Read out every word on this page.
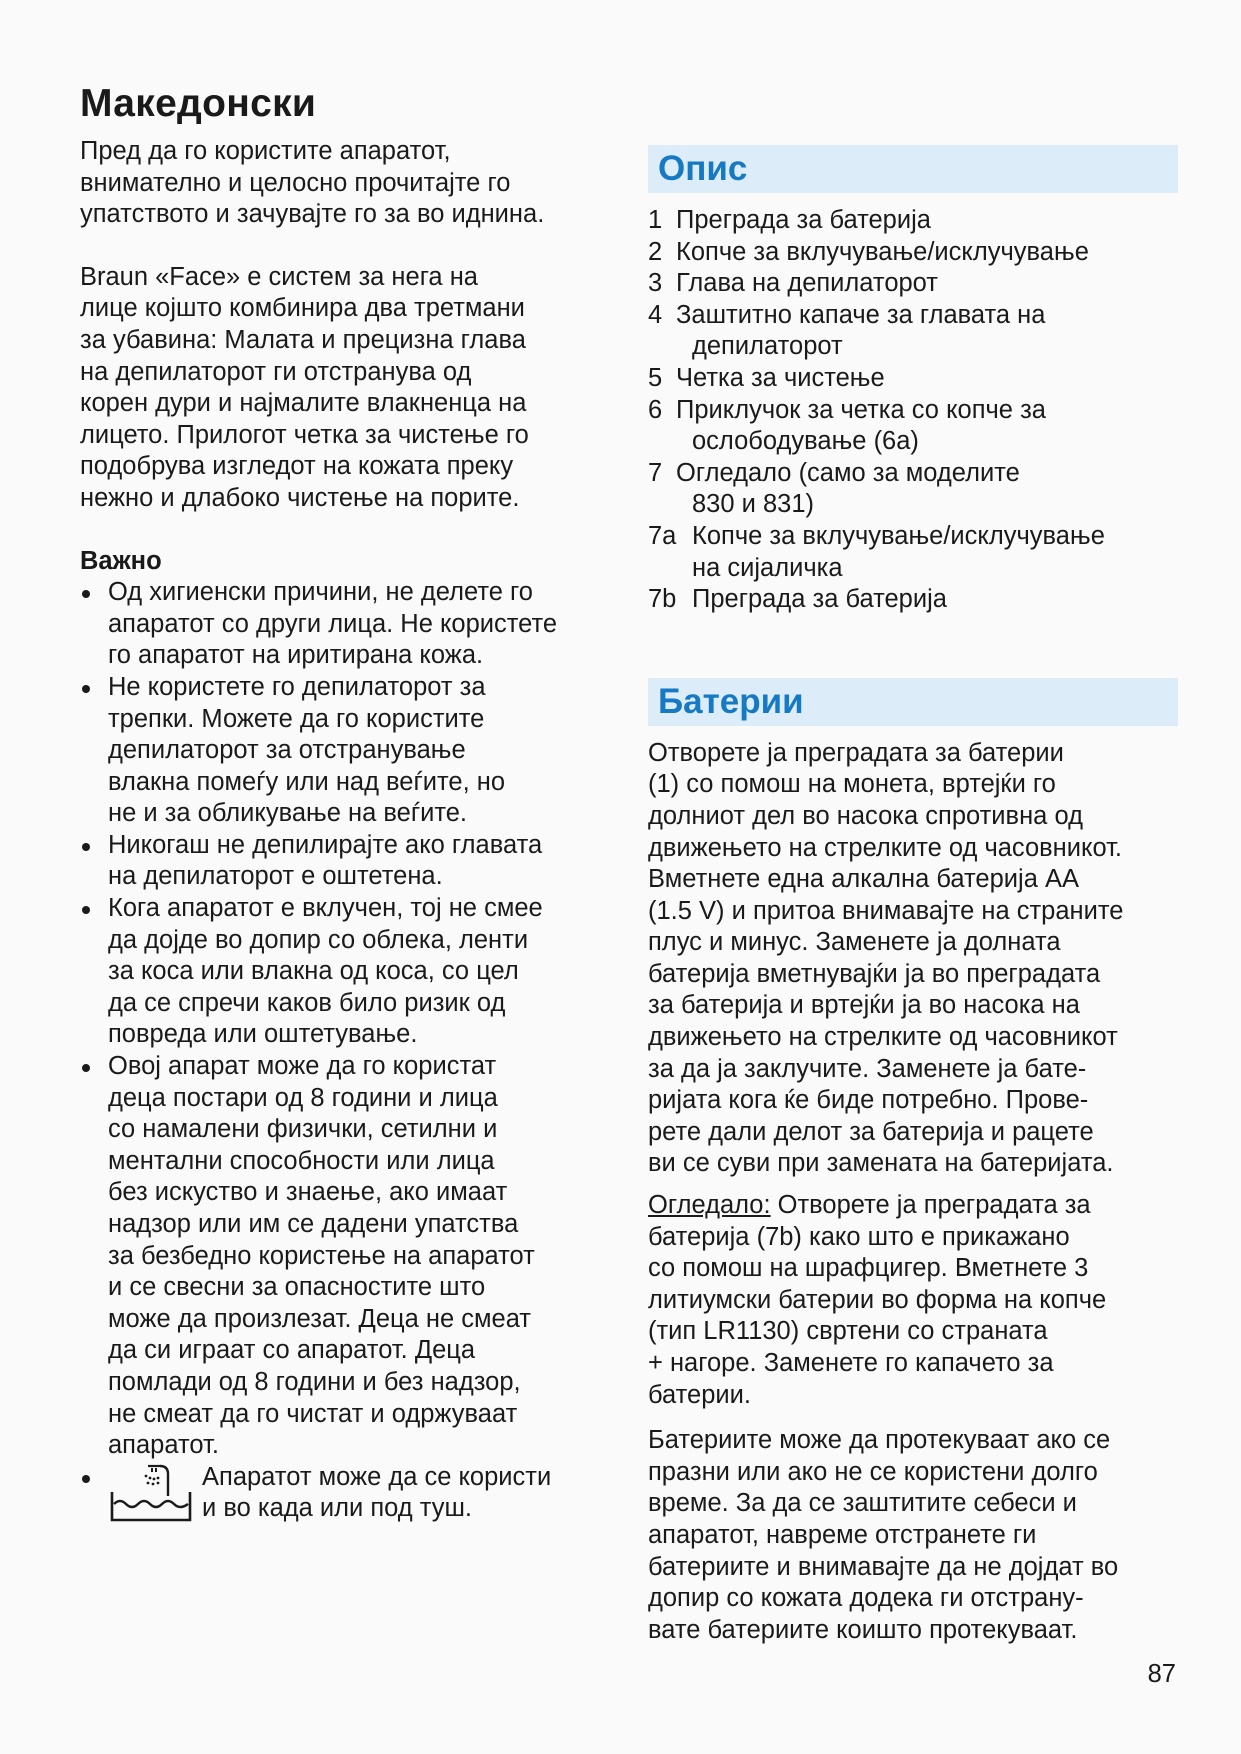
Македонски

Пред да го користите апаратот,
внимателно и целосно прочитајте го
упатството и зачувајте го за во иднина.

Braun «Face» е систем за нега на
лице којшто комбинира два третмани
за убавина: Малата и прецизна глава
на депилаторот ги отстранува од
корен дури и најмалите влакненца на
лицето. Прилогот четка за чистење го
подобрува изгледот на кожата преку
нежно и длабоко чистење на порите.

Важно
Од хигиенски причини, не делете го
апаратот со други лица. Не користете
го апаратот на иритирана кожа.
Не користете го депилаторот за
трепки. Можете да го користите
депилаторот за отстранување
влакна помеѓу или над веѓите, но
не и за обликување на веѓите.
Никогаш не депилирајте ако главата
на депилаторот е оштетена.
Кога апаратот е вклучен, тој не смее
да дојде во допир со облека, ленти
за коса или влакна од коса, со цел
да се спречи каков било ризик од
повреда или оштетување.
Овој апарат може да го користат
деца постари од 8 години и лица
со намалени физички, сетилни и
ментални способности или лица
без искуство и знаење, ако имаат
надзор или им се дадени упатства
за безбедно користење на апаратот
и се свесни за опасностите што
може да произлезат. Деца не смеат
да си играат со апаратот. Деца
помлади од 8 години и без надзор,
не смеат да го чистат и одржуваат
апаратот.
Апаратот може да се користи
и во када или под туш.
Опис
1 Преграда за батерија
2 Копче за вклучување/исклучување
3 Глава на депилаторот
4 Заштитно капаче за главата на
депилаторот
5 Четка за чистење
6 Приклучок за четка со копче за
ослободување (6a)
7 Огледало (само за моделите
830 и 831)
7a Копче за вклучување/исклучување
на сијаличка
7b Преграда за батерија
Батерии

Отворете ја преградата за батерии
(1) со помош на монета, вртејќи го
долниот дел во насока спротивна од
движењето на стрелките од часовникот.
Вметнете една алкална батерија AA
(1.5 V) и притоа внимавајте на страните
плус и минус. Заменете ја долната
батерија вметнувајќи ја во преградата
за батерија и вртејќи ја во насока на
движењето на стрелките од часовникот
за да ја заклучите. Заменете ја бате-
ријата кога ќе биде потребно. Прове-
рете дали делот за батерија и рацете
ви се суви при замената на батеријата.

Огледало: Отворете ја преградата за
батерија (7b) како што е прикажано
со помош на шрафцигер. Вметнете 3
литиумски батерии во форма на копче
(тип LR1130) свртени со страната
+ нагоре. Заменете го капачето за
батерии.

Батериите може да протекуваат ако се
празни или ако не се користени долго
време. За да се заштитите себеси и
апаратот, навреме отстранете ги
батериите и внимавајте да не дојдат во
допир со кожата додека ги отстрану-
вате батериите коишто протекуваат.

87
